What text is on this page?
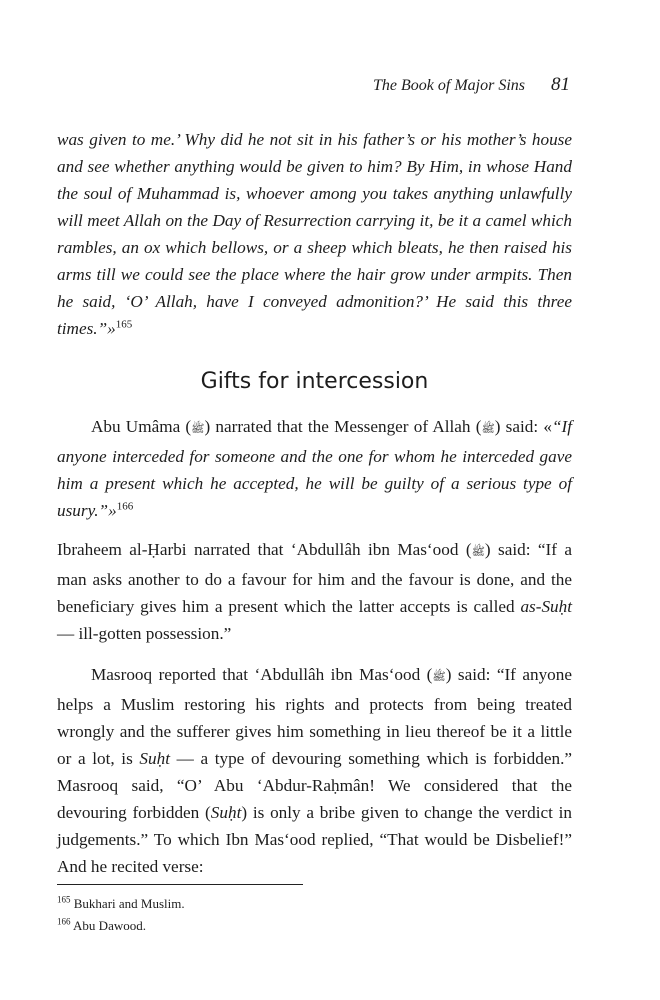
The Book of Major Sins 81

was given to me.’ Why did he not sit in his father’s or his mother’s house and see whether anything would be given to him? By Him, in whose Hand the soul of Muhammad is, whoever among you takes anything unlawfully will meet Allah on the Day of Resurrection carrying it, be it a camel which rambles, an ox which bellows, or a sheep which bleats, he then raised his arms till we could see the place where the hair grow under armpits. Then he said, ‘O’ Allah, have I conveyed admonition?’ He said this three times.”»$^{165}$

Gifts for intercession

Abu Umâma (ﷺ) narrated that the Messenger of Allah (ﷺ) said: «“If anyone interceded for someone and the one for whom he interceded gave him a present which he accepted, he will be guilty of a serious type of usury.”»$^{166}$

Ibraheem al-Ḥarbi narrated that ‘Abdullâh ibn Mas‘ood (ﷺ) said: “If a man asks another to do a favour for him and the favour is done, and the beneficiary gives him a present which the latter accepts is called as-Suḥt — ill-gotten possession.”

Masrooq reported that ‘Abdullâh ibn Mas‘ood (ﷺ) said: “If anyone helps a Muslim restoring his rights and protects from being treated wrongly and the sufferer gives him something in lieu thereof be it a little or a lot, is Suḥt — a type of devouring something which is forbidden.” Masrooq said, “O’ Abu ‘Abdur-Raḥmân! We considered that the devouring forbidden (Suḥt) is only a bribe given to change the verdict in judgements.” To which Ibn Mas‘ood replied, “That would be Disbelief!” And he recited verse:

$^{165}$ Bukhari and Muslim.
$^{166}$ Abu Dawood.
